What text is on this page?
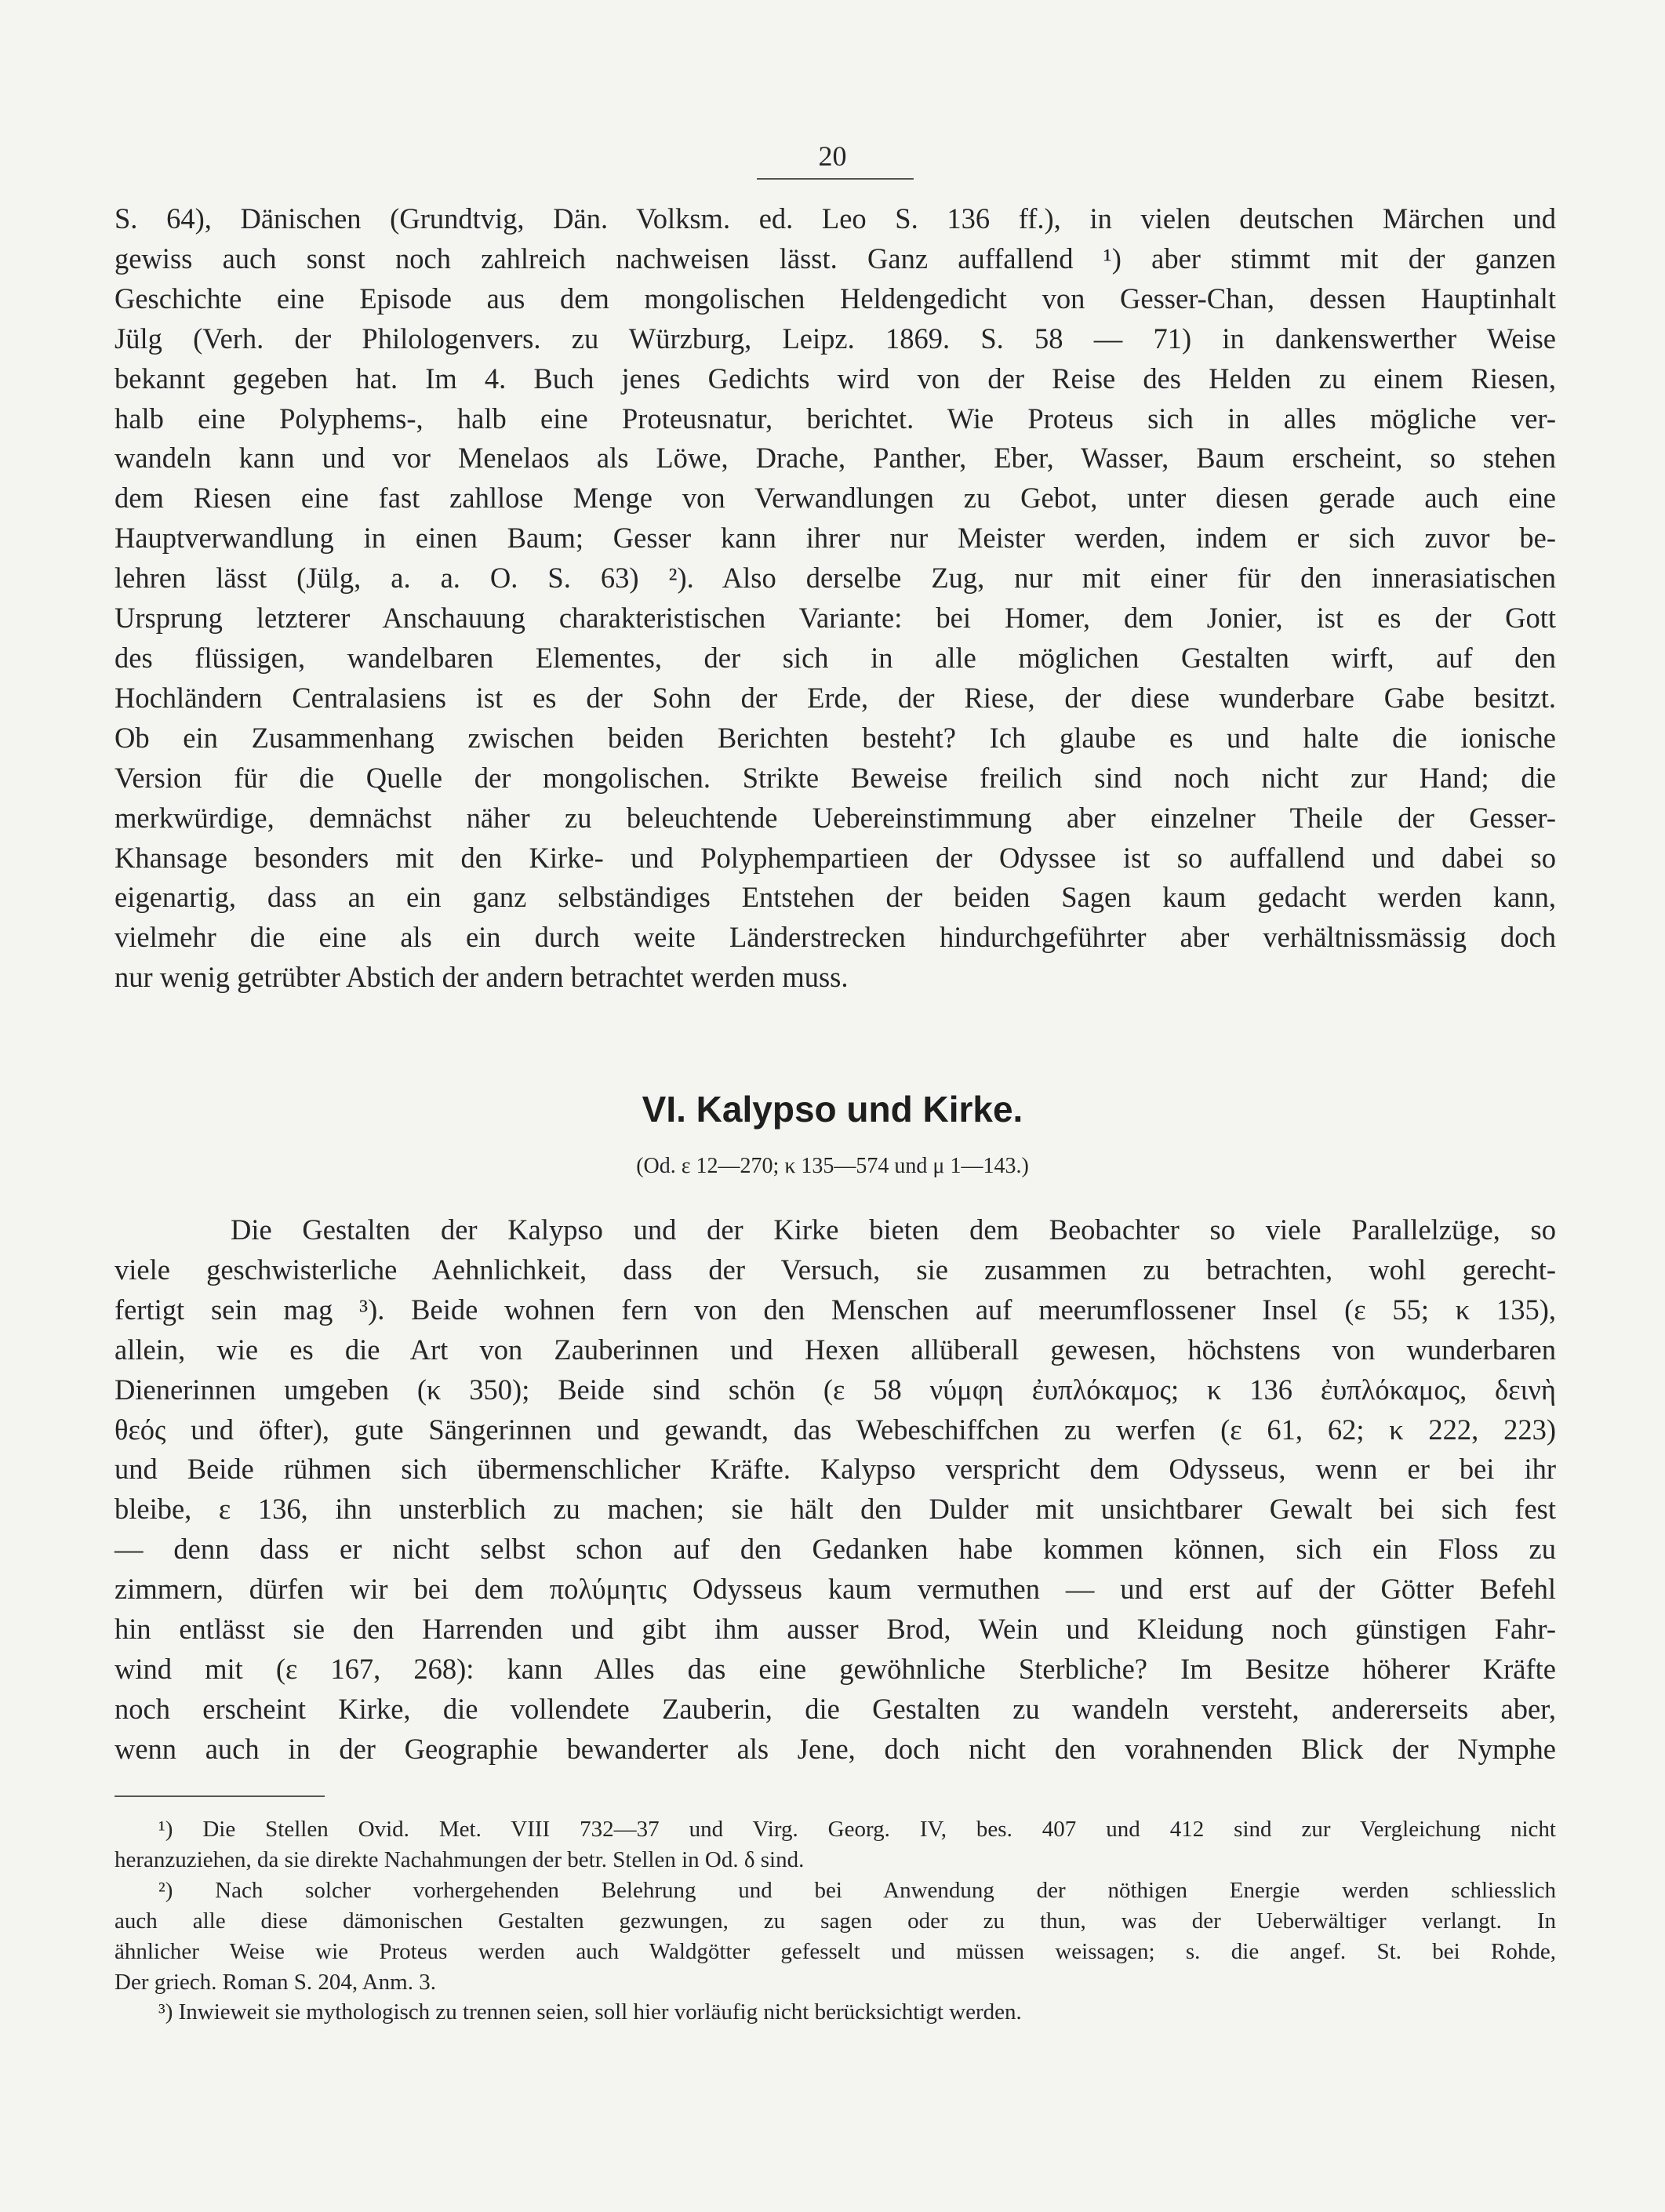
20
S. 64), Dänischen (Grundtvig, Dän. Volksm. ed. Leo S. 136 ff.), in vielen deutschen Märchen und
gewiss auch sonst noch zahlreich nachweisen lässt. Ganz auffallend ¹) aber stimmt mit der ganzen
Geschichte eine Episode aus dem mongolischen Heldengedicht von Gesser-Chan, dessen Hauptinhalt
Jülg (Verh. der Philologenvers. zu Würzburg, Leipz. 1869. S. 58 — 71) in dankenswerther Weise
bekannt gegeben hat. Im 4. Buch jenes Gedichts wird von der Reise des Helden zu einem Riesen,
halb eine Polyphems-, halb eine Proteusnatur, berichtet. Wie Proteus sich in alles mögliche ver-
wandeln kann und vor Menelaos als Löwe, Drache, Panther, Eber, Wasser, Baum erscheint, so stehen
dem Riesen eine fast zahllose Menge von Verwandlungen zu Gebot, unter diesen gerade auch eine
Hauptverwandlung in einen Baum; Gesser kann ihrer nur Meister werden, indem er sich zuvor be-
lehren lässt (Jülg, a. a. O. S. 63) ²). Also derselbe Zug, nur mit einer für den innerasiatischen
Ursprung letzterer Anschauung charakteristischen Variante: bei Homer, dem Jonier, ist es der Gott
des flüssigen, wandelbaren Elementes, der sich in alle möglichen Gestalten wirft, auf den
Hochländern Centralasiens ist es der Sohn der Erde, der Riese, der diese wunderbare Gabe besitzt.
Ob ein Zusammenhang zwischen beiden Berichten besteht? Ich glaube es und halte die ionische
Version für die Quelle der mongolischen. Strikte Beweise freilich sind noch nicht zur Hand; die
merkwürdige, demnächst näher zu beleuchtende Uebereinstimmung aber einzelner Theile der Gesser-
Khansage besonders mit den Kirke- und Polyphempartieen der Odyssee ist so auffallend und dabei so
eigenartig, dass an ein ganz selbständiges Entstehen der beiden Sagen kaum gedacht werden kann,
vielmehr die eine als ein durch weite Länderstrecken hindurchgeführter aber verhältnissmässig doch
nur wenig getrübter Abstich der andern betrachtet werden muss.
VI. Kalypso und Kirke.
(Od. ε 12—270; κ 135—574 und μ 1—143.)
Die Gestalten der Kalypso und der Kirke bieten dem Beobachter so viele Parallelzüge, so
viele geschwisterliche Aehnlichkeit, dass der Versuch, sie zusammen zu betrachten, wohl gerecht-
fertigt sein mag ³). Beide wohnen fern von den Menschen auf meerumflossener Insel (ε 55; κ 135),
allein, wie es die Art von Zauberinnen und Hexen allüberall gewesen, höchstens von wunderbaren
Dienerinnen umgeben (κ 350); Beide sind schön (ε 58 νύμφη ἐυπλόκαμος; κ 136 ἐυπλόκαμος, δεινὴ
θεός und öfter), gute Sängerinnen und gewandt, das Webeschiffchen zu werfen (ε 61, 62; κ 222, 223)
und Beide rühmen sich übermenschlicher Kräfte. Kalypso verspricht dem Odysseus, wenn er bei ihr
bleibe, ε 136, ihn unsterblich zu machen; sie hält den Dulder mit unsichtbarer Gewalt bei sich fest
— denn dass er nicht selbst schon auf den Gedanken habe kommen können, sich ein Floss zu
zimmern, dürfen wir bei dem πολύμητις Odysseus kaum vermuthen — und erst auf der Götter Befehl
hin entlässt sie den Harrenden und gibt ihm ausser Brod, Wein und Kleidung noch günstigen Fahr-
wind mit (ε 167, 268): kann Alles das eine gewöhnliche Sterbliche? Im Besitze höherer Kräfte
noch erscheint Kirke, die vollendete Zauberin, die Gestalten zu wandeln versteht, andererseits aber,
wenn auch in der Geographie bewanderter als Jene, doch nicht den vorahnenden Blick der Nymphe
¹) Die Stellen Ovid. Met. VIII 732—37 und Virg. Georg. IV, bes. 407 und 412 sind zur Vergleichung nicht
heranzuziehen, da sie direkte Nachahmungen der betr. Stellen in Od. δ sind.
²) Nach solcher vorhergehenden Belehrung und bei Anwendung der nöthigen Energie werden schliesslich
auch alle diese dämonischen Gestalten gezwungen, zu sagen oder zu thun, was der Ueberwältiger verlangt. In
ähnlicher Weise wie Proteus werden auch Waldgötter gefesselt und müssen weissagen; s. die angef. St. bei Rohde,
Der griech. Roman S. 204, Anm. 3.
³) Inwieweit sie mythologisch zu trennen seien, soll hier vorläufig nicht berücksichtigt werden.
